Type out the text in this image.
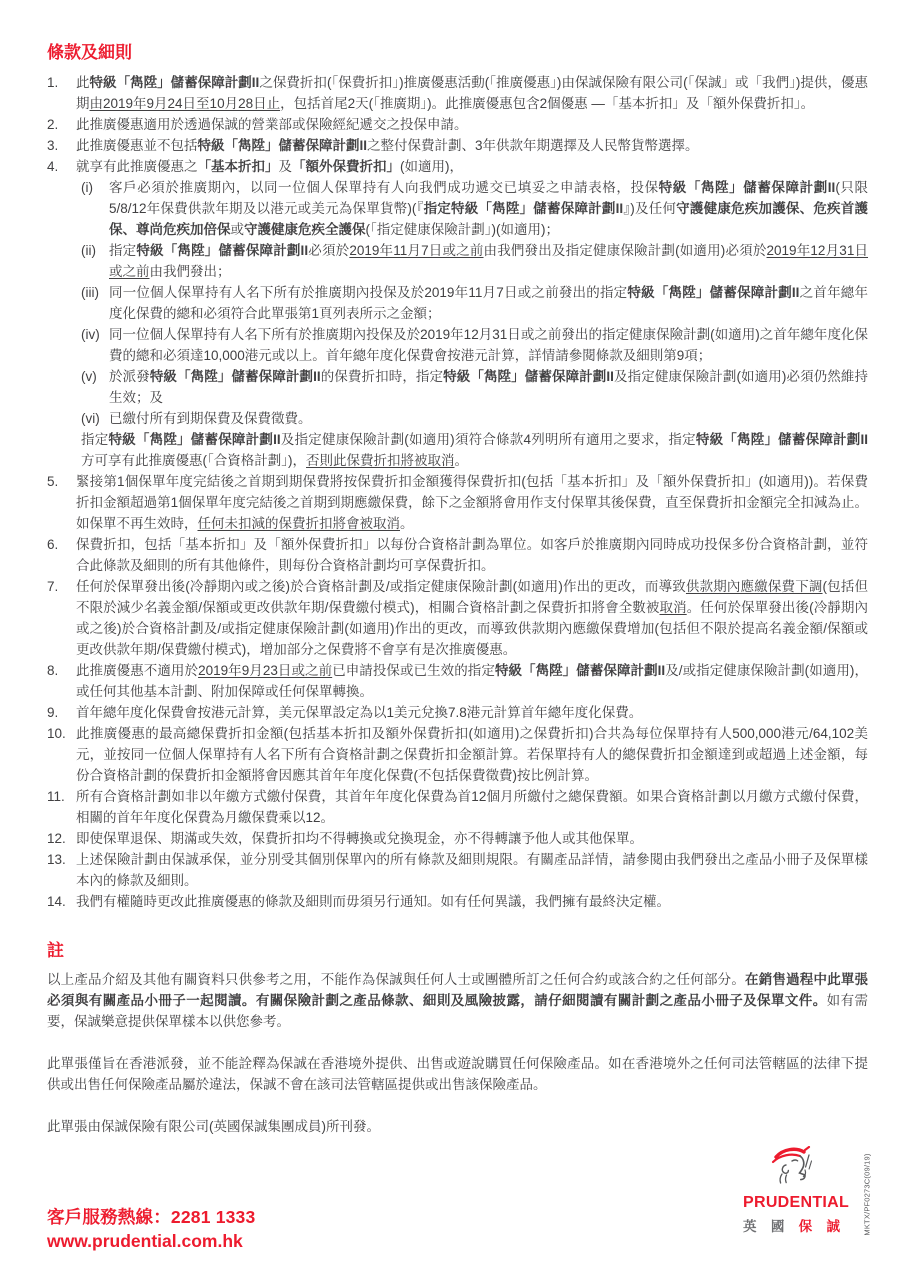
條款及細則
1.	此特級「雋陞」儲蓄保障計劃II之保費折扣(「保費折扣」)推廣優惠活動(「推廣優惠」)由保誠保險有限公司(「保誠」或「我們」)提供，優惠期由2019年9月24日至10月28日止，包括首尾2天(「推廣期」)。此推廣優惠包含2個優惠 —「基本折扣」及「額外保費折扣」。
2.	此推廣優惠適用於透過保誠的營業部或保險經紀遞交之投保申請。
3.	此推廣優惠並不包括特級「雋陞」儲蓄保障計劃II之整付保費計劃、3年供款年期選擇及人民幣貨幣選擇。
4.	就享有此推廣優惠之「基本折扣」及「額外保費折扣」(如適用)，
(i)	客戶必須於推廣期內，以同一位個人保單持有人向我們成功遞交已填妥之申請表格，投保特級「雋陞」儲蓄保障計劃II(只限5/8/12年保費供款年期及以港元或美元為保單貨幣)(『指定特級「雋陞」儲蓄保障計劃II』)及任何守護健康危疾加護保、危疾首護保、尊尚危疾加倍保或守護健康危疾全護保(「指定健康保險計劃」)(如適用)；
(ii) 指定特級「雋陞」儲蓄保障計劃II必須於2019年11月7日或之前由我們發出及指定健康保險計劃(如適用)必須於2019年12月31日或之前由我們發出；
(iii) 同一位個人保單持有人名下所有於推廣期內投保及於2019年11月7日或之前發出的指定特級「雋陞」儲蓄保障計劃II之首年總年度化保費的總和必須符合此單張第1頁列表所示之金額；
(iv) 同一位個人保單持有人名下所有於推廣期內投保及於2019年12月31日或之前發出的指定健康保險計劃(如適用)之首年總年度化保費的總和必須達10,000港元或以上。首年總年度化保費會按港元計算，詳情請參閱條款及細則第9項；
(v) 於派發特級「雋陞」儲蓄保障計劃II的保費折扣時，指定特級「雋陞」儲蓄保障計劃II及指定健康保險計劃(如適用)必須仍然維持生效；及
(vi) 已繳付所有到期保費及保費徵費。
指定特級「雋陞」儲蓄保障計劃II及指定健康保險計劃(如適用)須符合條款4列明所有適用之要求，指定特級「雋陞」儲蓄保障計劃II方可享有此推廣優惠(「合資格計劃」)，否則此保費折扣將被取消。
5.	緊接第1個保單年度完結後之首期到期保費將按保費折扣金額獲得保費折扣(包括「基本折扣」及「額外保費折扣」(如適用))。若保費折扣金額超過第1個保單年度完結後之首期到期應繳保費，餘下之金額將會用作支付保單其後保費，直至保費折扣金額完全扣減為止。如保單不再生效時，任何未扣減的保費折扣將會被取消。
6.	保費折扣，包括「基本折扣」及「額外保費折扣」以每份合資格計劃為單位。如客戶於推廣期內同時成功投保多份合資格計劃，並符合此條款及細則的所有其他條件，則每份合資格計劃均可享保費折扣。
7.	任何於保單發出後(冷靜期內或之後)於合資格計劃及/或指定健康保險計劃(如適用)作出的更改，而導致供款期內應繳保費下調(包括但不限於減少名義金額/保額或更改供款年期/保費繳付模式)，相關合資格計劃之保費折扣將會全數被取消。任何於保單發出後(冷靜期內或之後)於合資格計劃及/或指定健康保險計劃(如適用)作出的更改，而導致供款期內應繳保費增加(包括但不限於提高名義金額/保額或更改供款年期/保費繳付模式)，增加部分之保費將不會享有是次推廣優惠。
8.	此推廣優惠不適用於2019年9月23日或之前已申請投保或已生效的指定特級「雋陞」儲蓄保障計劃II及/或指定健康保險計劃(如適用)，或任何其他基本計劃、附加保障或任何保單轉換。
9.	首年總年度化保費會按港元計算，美元保單設定為以1美元兌換7.8港元計算首年總年度化保費。
10. 此推廣優惠的最高總保費折扣金額(包括基本折扣及額外保費折扣(如適用)之保費折扣)合共為每位保單持有人500,000港元/64,102美元，並按同一位個人保單持有人名下所有合資格計劃之保費折扣金額計算。若保單持有人的總保費折扣金額達到或超過上述金額，每份合資格計劃的保費折扣金額將會因應其首年年度化保費(不包括保費徵費)按比例計算。
11. 所有合資格計劃如非以年繳方式繳付保費，其首年年度化保費為首12個月所繳付之總保費額。如果合資格計劃以月繳方式繳付保費，相關的首年年度化保費為月繳保費乘以12。
12. 即使保單退保、期滿或失效，保費折扣均不得轉換或兌換現金，亦不得轉讓予他人或其他保單。
13. 上述保險計劃由保誠承保，並分別受其個別保單內的所有條款及細則規限。有關產品詳情，請參閱由我們發出之產品小冊子及保單樣本內的條款及細則。
14. 我們有權隨時更改此推廣優惠的條款及細則而毋須另行通知。如有任何異議，我們擁有最終決定權。
註

以上產品介紹及其他有關資料只供參考之用，不能作為保誠與任何人士或團體所訂之任何合約或該合約之任何部分。在銷售過程中此單張必須與有關產品小冊子一起閱讀。有關保險計劃之產品條款、細則及風險披露，請仔細閱讀有關計劃之產品小冊子及保單文件。如有需要，保誠樂意提供保單樣本以供您參考。

此單張僅旨在香港派發，並不能詮釋為保誠在香港境外提供、出售或遊說購買任何保險產品。如在香港境外之任何司法管轄區的法律下提供或出售任何保險產品屬於違法，保誠不會在該司法管轄區提供或出售該保險產品。

此單張由保誠保險有限公司(英國保誠集團成員)所刊發。

客戶服務熱線：2281 1333
www.prudential.com.hk
PRUDENTIAL
英 國 保 誠	MKTX/PF0273C(09/19)
